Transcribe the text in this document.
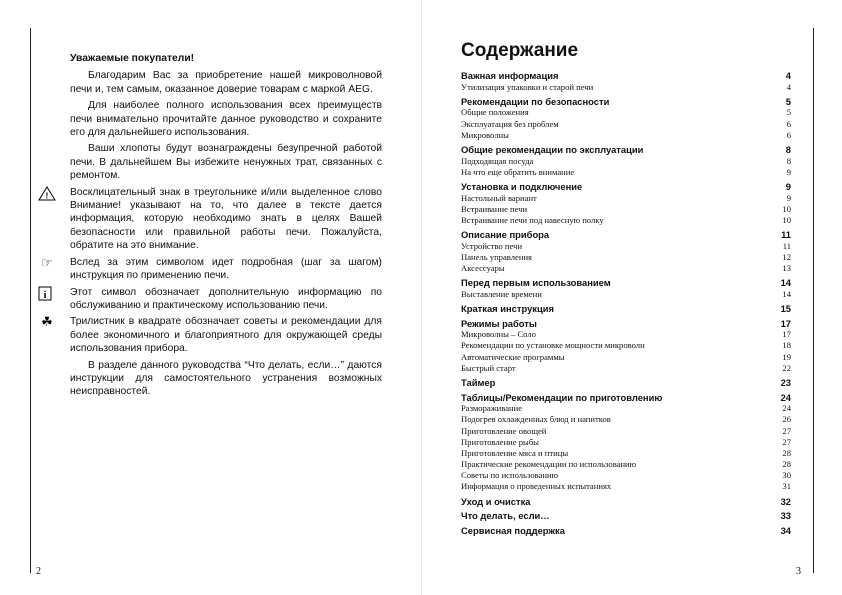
Уважаемые покупатели!

Благодарим Вас за приобретение нашей микроволновой печи и, тем самым, оказанное доверие товарам с маркой AEG.

Для наиболее полного использования всех преимуществ печи внимательно прочитайте данное руководство и сохраните его для дальнейшего использования.

Ваши хлопоты будут вознаграждены безупречной работой печи. В дальнейшем Вы избежите ненужных трат, связанных с ремонтом.

! Восклицательный знак в треугольнике и/или выделенное слово Внимание! указывают на то, что далее в тексте дается информация, которую необходимо знать в целях Вашей безопасности или правильной работы печи. Пожалуйста, обратите на это внимание.

☞	Вслед за этим символом идет подробная (шаг за шагом) инструкция по применению печи.

i Этот символ обозначает дополнительную информацию по обслуживанию и практическому использованию печи.

☘	Трилистник в квадрате обозначает советы и рекомендации для более экономичного и благоприятного для окружающей среды использования прибора.

В разделе данного руководства “Что делать, если…” даются инструкции для самостоятельного устранения возможных неисправностей.

2
Содержание
Важная информация	4
Утилизация упаковки и старой печи	4
Рекомендации по безопасности	5
Общие положения	5
Эксплуатация без проблем	6
Микроволны	6
Общие рекомендации по эксплуатации	8
Подходящая посуда	8
На что еще обратить внимание	9
Установка и подключение	9
Настольный вариант	9
Встраивание печи	10
Встраивание печи под навесную полку	10
Описание прибора	11
Устройство печи	11
Панель управления	12
Аксессуары	13
Перед первым использованием	14
Выставление времени	14
Краткая инструкция	15
Режимы работы	17
Микроволны – Соло	17
Рекомендации по установке мощности микроволн	18
Автоматические программы	19
Быстрый старт	22
Таймер	23
Таблицы/Рекомендации по приготовлению	24
Размораживание	24
Подогрев охлажденных блюд и напитков	26
Приготовление овощей	27
Приготовление рыбы	27
Приготовление мяса и птицы	28
Практические рекомендации по использованию	28
Советы по использованию	30
Информация о проведенных испытаниях	31
Уход и очистка	32
Что делать, если…	33
Сервисная поддержка	34
3
